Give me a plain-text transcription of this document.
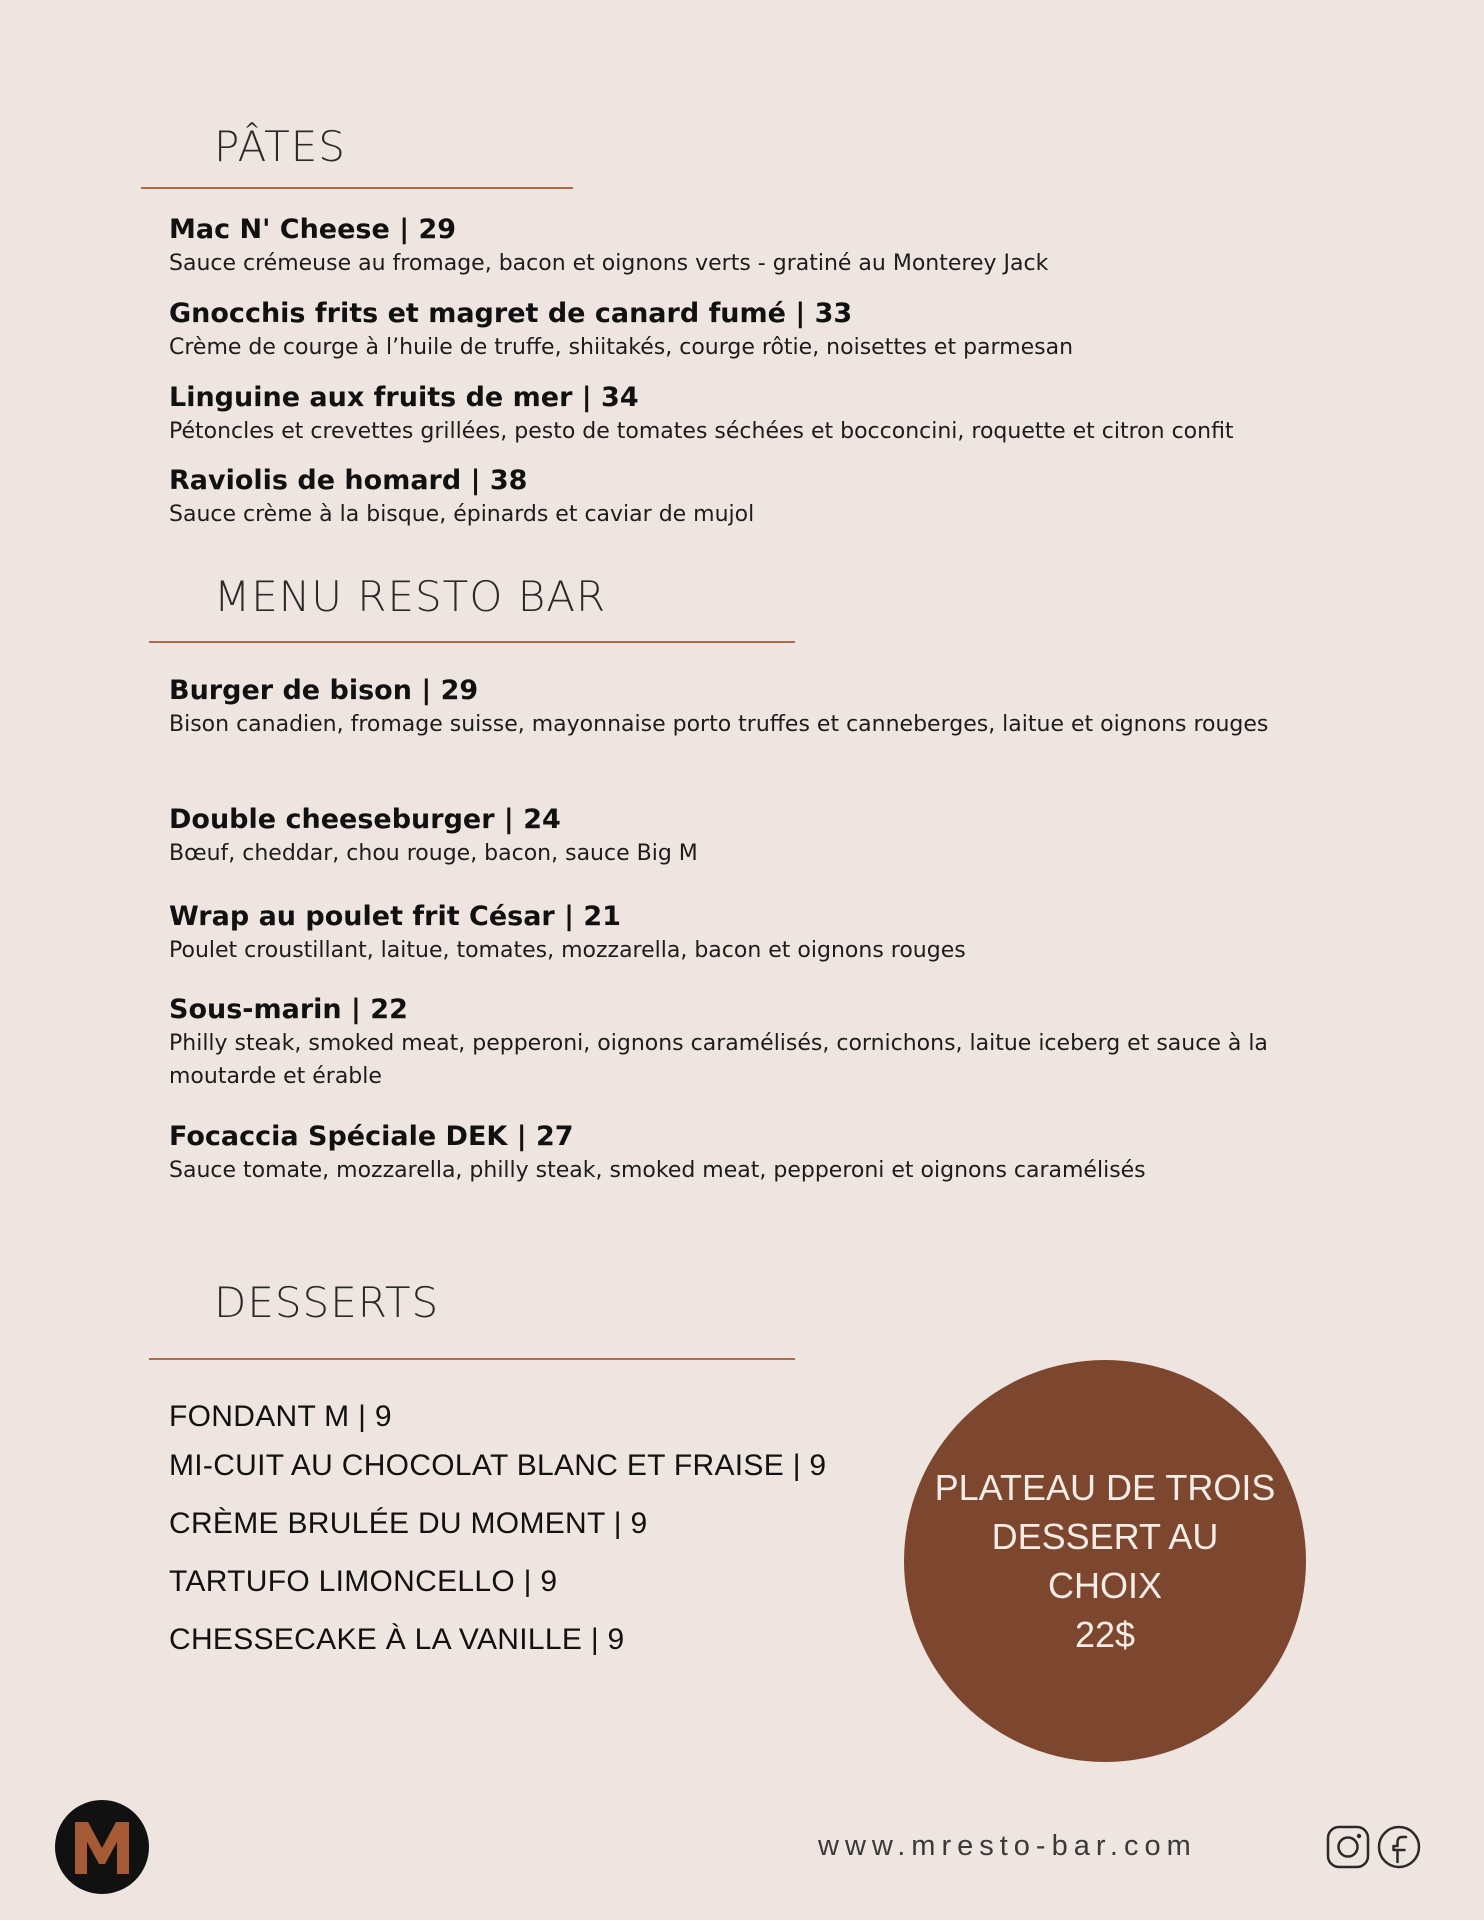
PÂTES
Mac N' Cheese | 29
Sauce crémeuse au fromage, bacon et oignons verts - gratiné au Monterey Jack
Gnocchis frits et magret de canard fumé | 33
Crème de courge à l’huile de truffe, shiitakés, courge rôtie, noisettes et parmesan
Linguine aux fruits de mer | 34
Pétoncles et crevettes grillées, pesto de tomates séchées et bocconcini, roquette et citron confit
Raviolis de homard | 38
Sauce crème à la bisque, épinards et caviar de mujol
MENU RESTO BAR
Burger de bison | 29
Bison canadien, fromage suisse, mayonnaise porto truffes et canneberges, laitue et oignons rouges
Double cheeseburger | 24
Bœuf, cheddar, chou rouge, bacon, sauce Big M
Wrap au poulet frit César | 21
Poulet croustillant, laitue, tomates, mozzarella, bacon et oignons rouges
Sous-marin | 22
Philly steak, smoked meat, pepperoni, oignons caramélisés, cornichons, laitue iceberg et sauce à la moutarde et érable
Focaccia Spéciale DEK | 27
Sauce tomate, mozzarella, philly steak, smoked meat, pepperoni et oignons caramélisés
DESSERTS
FONDANT M | 9
MI-CUIT AU CHOCOLAT BLANC ET FRAISE | 9
CRÈME BRULÉE DU MOMENT | 9
TARTUFO LIMONCELLO | 9
CHESSECAKE À LA VANILLE | 9
PLATEAU DE TROIS
DESSERT AU
CHOIX
22$
www.mresto-bar.com
